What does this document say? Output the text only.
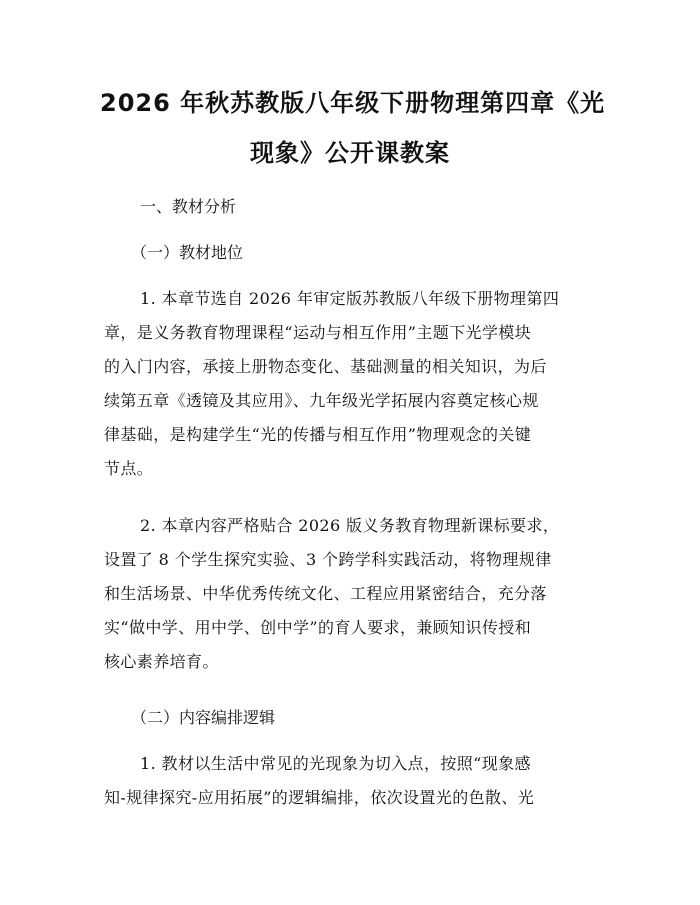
2026 年秋苏教版八年级下册物理第四章《光
现象》公开课教案
一、教材分析
（一）教材地位
1. 本章节选自 2026 年审定版苏教版八年级下册物理第四
章，是义务教育物理课程“运动与相互作用”主题下光学模块
的入门内容，承接上册物态变化、基础测量的相关知识，为后
续第五章《透镜及其应用》、九年级光学拓展内容奠定核心规
律基础，是构建学生“光的传播与相互作用”物理观念的关键
节点。
2. 本章内容严格贴合 2026 版义务教育物理新课标要求，
设置了 8 个学生探究实验、3 个跨学科实践活动，将物理规律
和生活场景、中华优秀传统文化、工程应用紧密结合，充分落
实“做中学、用中学、创中学”的育人要求，兼顾知识传授和
核心素养培育。
（二）内容编排逻辑
1. 教材以生活中常见的光现象为切入点，按照“现象感
知-规律探究-应用拓展”的逻辑编排，依次设置光的色散、光
